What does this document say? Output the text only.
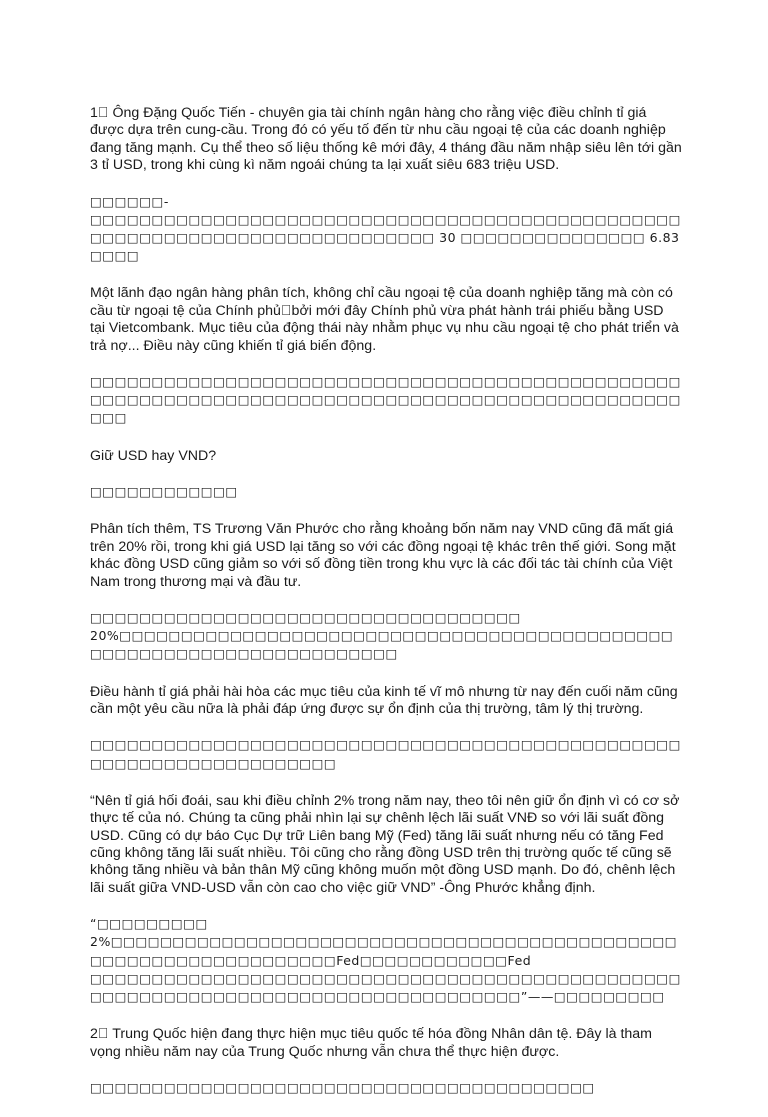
1  Ông Đặng Quốc Tiến - chuyên gia tài chính ngân hàng cho rằng việc điều chỉnh tỉ giá được dựa trên cung-cầu. Trong đó có yếu tố đến từ nhu cầu ngoại tệ của các doanh nghiệp đang tăng mạnh. Cụ thể theo số liệu thống kê mới đây, 4 tháng đầu năm nhập siêu lên tới gần 3 tỉ USD, trong khi cùng kì năm ngoái chúng ta lại xuất siêu 683 triệu USD.

□□□□□□- □□□□□□□□□□□□□□□□□□□□□□□□□□□□□□□□□□□□□□□□□□□□□□□□□□□□□□□□□□□□□□□□□□□□□□□□□□□□ 30 □□□□□□□□□□□□□□□ 6.83 □□□□

Một lãnh đạo ngân hàng phân tích, không chỉ cầu ngoại tệ của doanh nghiệp tăng mà còn có cầu từ ngoại tệ của Chính phủ bởi mới đây Chính phủ vừa phát hành trái phiếu bằng USD tại Vietcombank. Mục tiêu của động thái này nhằm phục vụ nhu cầu ngoại tệ cho phát triển và trả nợ... Điều này cũng khiến tỉ giá biến động.

□□□□□□□□□□□□□□□□□□□□□□□□□□□□□□□□□□□□□□□□□□□□□□□□□□□□□□□□□□□□□□□□□□□□□□□□□□□□□□□□□□□□□□□□□□□□□□□□□□□

Giữ USD hay VND?

□□□□□□□□□□□□

Phân tích thêm, TS Trương Văn Phước cho rằng khoảng bốn năm nay VND cũng đã mất giá trên 20% rồi, trong khi giá USD lại tăng so với các đồng ngoại tệ khác trên thế giới. Song mặt khác đồng USD cũng giảm so với số đồng tiền trong khu vực là các đối tác tài chính của Việt Nam trong thương mại và đầu tư.

□□□□□□□□□□□□□□□□□□□□□□□□□□□□□□□□□□□ 20%□□□□□□□□□□□□□□□□□□□□□□□□□□□□□□□□□□□□□□□□□□□□□□□□□□□□□□□□□□□□□□□□□□□□□□

Điều hành tỉ giá phải hài hòa các mục tiêu của kinh tế vĩ mô nhưng từ nay đến cuối năm cũng cần một yêu cầu nữa là phải đáp ứng được sự ổn định của thị trường, tâm lý thị trường.

□□□□□□□□□□□□□□□□□□□□□□□□□□□□□□□□□□□□□□□□□□□□□□□□□□□□□□□□□□□□□□□□□□□□

“Nên tỉ giá hối đoái, sau khi điều chỉnh 2% trong năm nay, theo tôi nên giữ ổn định vì có cơ sở thực tế của nó. Chúng ta cũng phải nhìn lại sự chênh lệch lãi suất VNĐ so với lãi suất đồng USD. Cũng có dự báo Cục Dự trữ Liên bang Mỹ (Fed) tăng lãi suất nhưng nếu có tăng Fed cũng không tăng lãi suất nhiều. Tôi cũng cho rằng đồng USD trên thị trường quốc tế cũng sẽ không tăng nhiều và bản thân Mỹ cũng không muốn một đồng USD mạnh. Do đó, chênh lệch lãi suất giữa VND-USD vẫn còn cao cho việc giữ VND” -Ông Phước khẳng định.

“□□□□□□□□□ 2%□□□□□□□□□□□□□□□□□□□□□□□□□□□□□□□□□□□□□□□□□□□□□□□□□□□□□□□□□□□□□□□□□□Fed□□□□□□□□□□□□Fed □□□□□□□□□□□□□□□□□□□□□□□□□□□□□□□□□□□□□□□□□□□□□□□□□□□□□□□□□□□□□□□□□□□□□□□□□□□□□□□□□□□”——□□□□□□□□□

2  Trung Quốc hiện đang thực hiện mục tiêu quốc tế hóa đồng Nhân dân tệ. Đây là tham vọng nhiều năm nay của Trung Quốc nhưng vẫn chưa thể thực hiện được.

□□□□□□□□□□□□□□□□□□□□□□□□□□□□□□□□□□□□□□□□□
